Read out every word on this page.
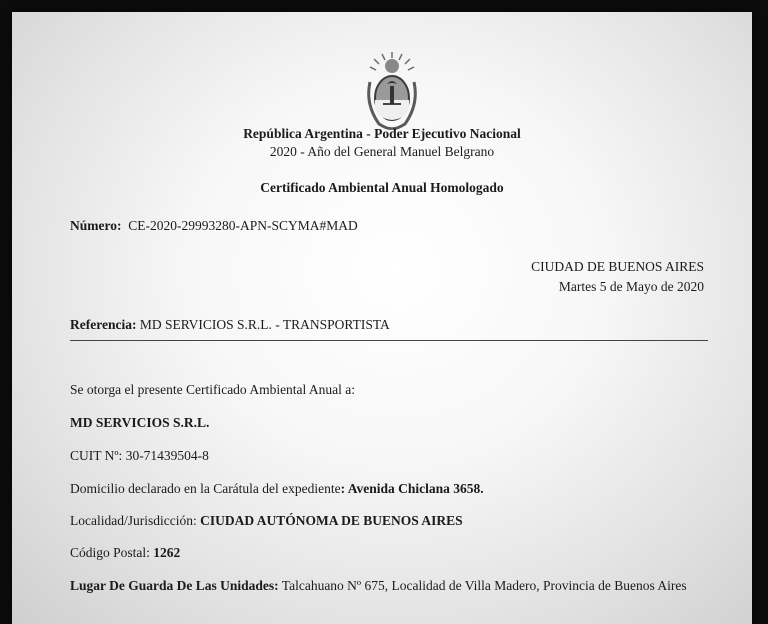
República Argentina - Poder Ejecutivo Nacional
2020 - Año del General Manuel Belgrano
Certificado Ambiental Anual Homologado
Número: CE-2020-29993280-APN-SCYMA#MAD
CIUDAD DE BUENOS AIRES
Martes 5 de Mayo de 2020
Referencia: MD SERVICIOS S.R.L. - TRANSPORTISTA
Se otorga el presente Certificado Ambiental Anual a:
MD SERVICIOS S.R.L.
CUIT Nº: 30-71439504-8
Domicilio declarado en la Carátula del expediente: Avenida Chiclana 3658.
Localidad/Jurisdicción: CIUDAD AUTÓNOMA DE BUENOS AIRES
Código Postal: 1262
Lugar De Guarda De Las Unidades: Talcahuano Nº 675, Localidad de Villa Madero, Provincia de Buenos Aires
